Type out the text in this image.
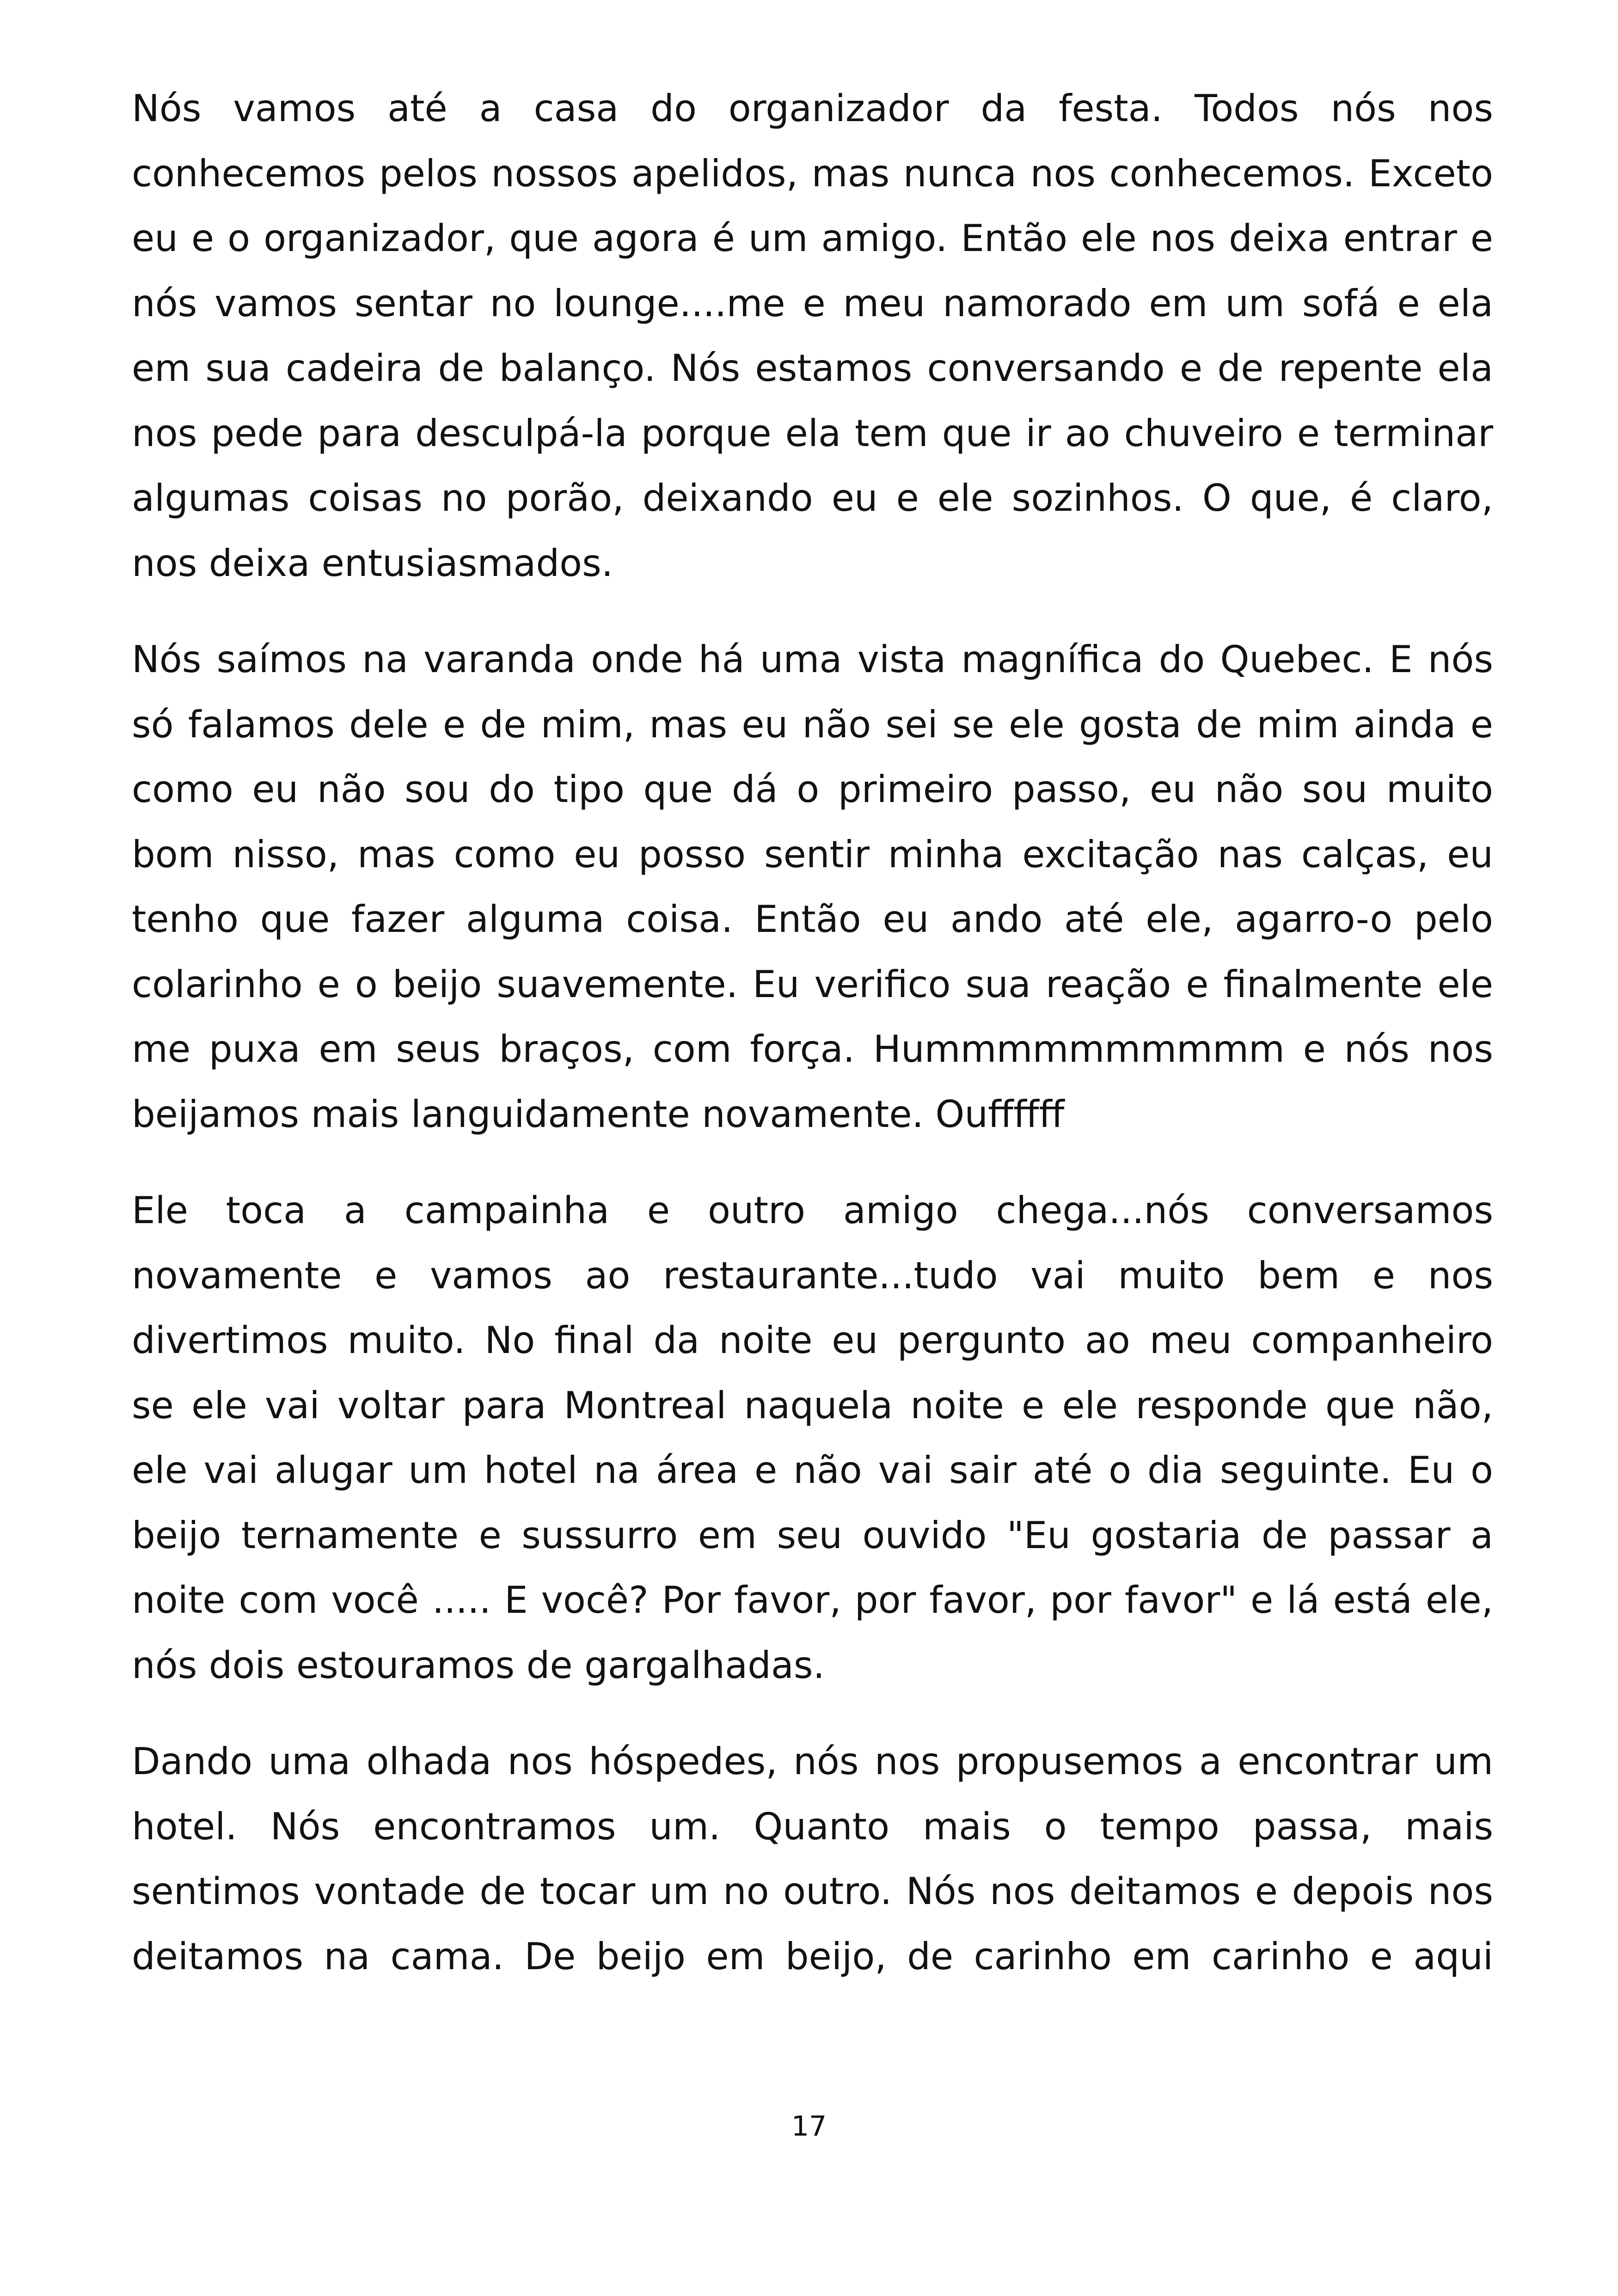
Nós vamos até a casa do organizador da festa. Todos nós nos
conhecemos pelos nossos apelidos, mas nunca nos conhecemos. Exceto
eu e o organizador, que agora é um amigo. Então ele nos deixa entrar e
nós vamos sentar no lounge....me e meu namorado em um sofá e ela
em sua cadeira de balanço. Nós estamos conversando e de repente ela
nos pede para desculpá-la porque ela tem que ir ao chuveiro e terminar
algumas coisas no porão, deixando eu e ele sozinhos. O que, é claro,
nos deixa entusiasmados.
Nós saímos na varanda onde há uma vista magnífica do Quebec. E nós
só falamos dele e de mim, mas eu não sei se ele gosta de mim ainda e
como eu não sou do tipo que dá o primeiro passo, eu não sou muito
bom nisso, mas como eu posso sentir minha excitação nas calças, eu
tenho que fazer alguma coisa. Então eu ando até ele, agarro-o pelo
colarinho e o beijo suavemente. Eu verifico sua reação e finalmente ele
me puxa em seus braços, com força. Hummmmmmmmmm e nós nos
beijamos mais languidamente novamente. Ouffffff
Ele toca a campainha e outro amigo chega...nós conversamos
novamente e vamos ao restaurante...tudo vai muito bem e nos
divertimos muito. No final da noite eu pergunto ao meu companheiro
se ele vai voltar para Montreal naquela noite e ele responde que não,
ele vai alugar um hotel na área e não vai sair até o dia seguinte. Eu o
beijo ternamente e sussurro em seu ouvido "Eu gostaria de passar a
noite com você ..... E você? Por favor, por favor, por favor" e lá está ele,
nós dois estouramos de gargalhadas.
Dando uma olhada nos hóspedes, nós nos propusemos a encontrar um
hotel. Nós encontramos um. Quanto mais o tempo passa, mais
sentimos vontade de tocar um no outro. Nós nos deitamos e depois nos
deitamos na cama. De beijo em beijo, de carinho em carinho e aqui
17
